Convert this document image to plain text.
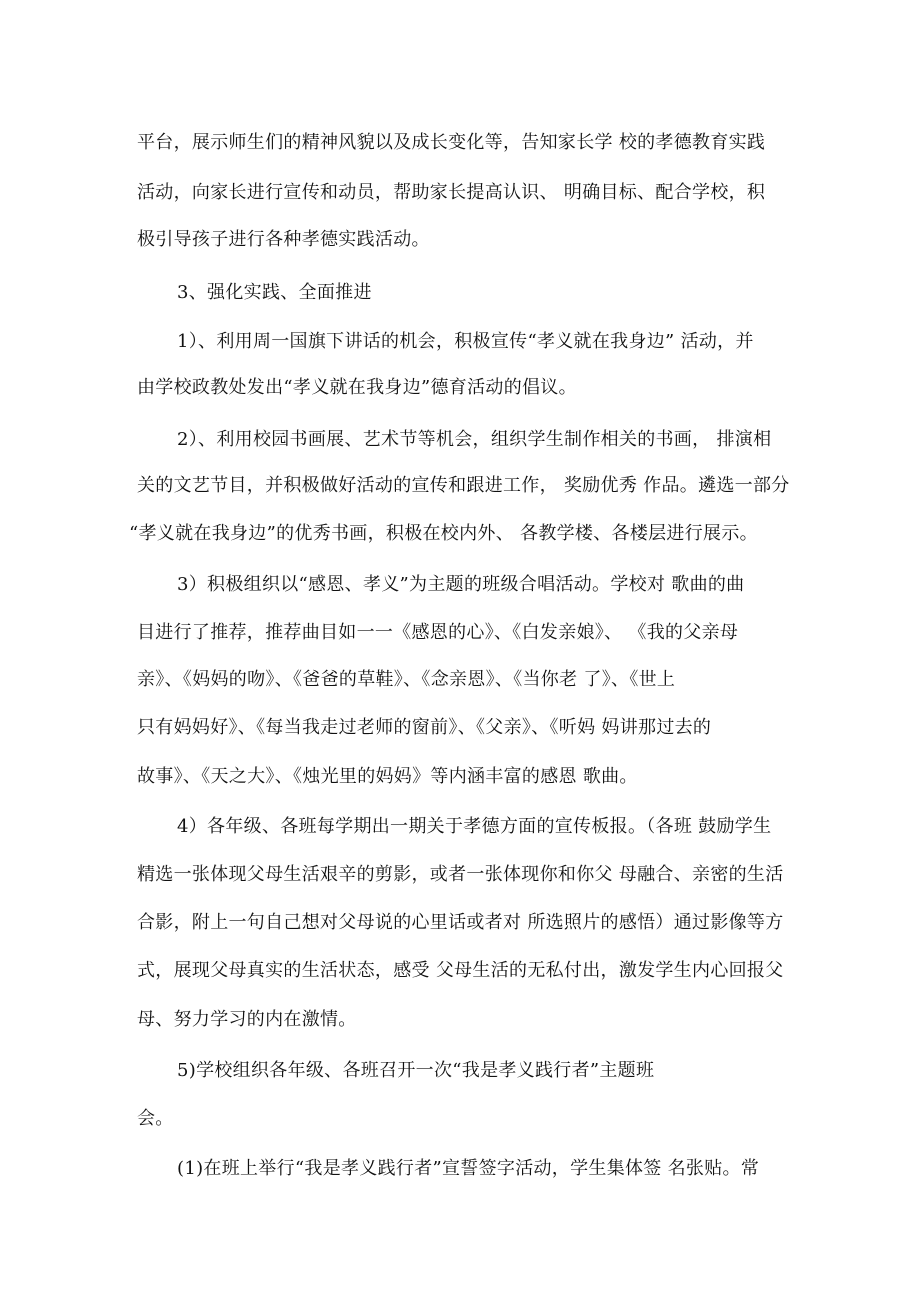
平台，展示师生们的精神风貌以及成长变化等，告知家长学 校的孝德教育实践
活动，向家长进行宣传和动员，帮助家长提高认识、 明确目标、配合学校，积
极引导孩子进行各种孝德实践活动。
3、强化实践、全面推进
1）、利用周一国旗下讲话的机会，积极宣传“孝义就在我身边” 活动，并
由学校政教处发出“孝义就在我身边”德育活动的倡议。
2）、利用校园书画展、艺术节等机会，组织学生制作相关的书画， 排演相
关的文艺节目，并积极做好活动的宣传和跟进工作， 奖励优秀 作品。遴选一部分
“孝义就在我身边”的优秀书画，积极在校内外、 各教学楼、各楼层进行展示。
3）积极组织以“感恩、孝义”为主题的班级合唱活动。学校对 歌曲的曲
目进行了推荐，推荐曲目如一一《感恩的心》、《白发亲娘》、 《我的父亲母
亲》、《妈妈的吻》、《爸爸的草鞋》、《念亲恩》、《当你老 了》、《世上
只有妈妈好》、《每当我走过老师的窗前》、《父亲》、《听妈 妈讲那过去的
故事》、《天之大》、《烛光里的妈妈》等内涵丰富的感恩 歌曲。
4）各年级、各班每学期出一期关于孝德方面的宣传板报。（各班 鼓励学生
精选一张体现父母生活艰辛的剪影，或者一张体现你和你父 母融合、亲密的生活
合影，附上一句自己想对父母说的心里话或者对 所选照片的感悟）通过影像等方
式，展现父母真实的生活状态，感受 父母生活的无私付出，激发学生内心回报父
母、努力学习的内在激情。
5)学校组织各年级、各班召开一次“我是孝义践行者”主题班
会。
(1)在班上举行“我是孝义践行者”宣誓签字活动，学生集体签 名张贴。常
